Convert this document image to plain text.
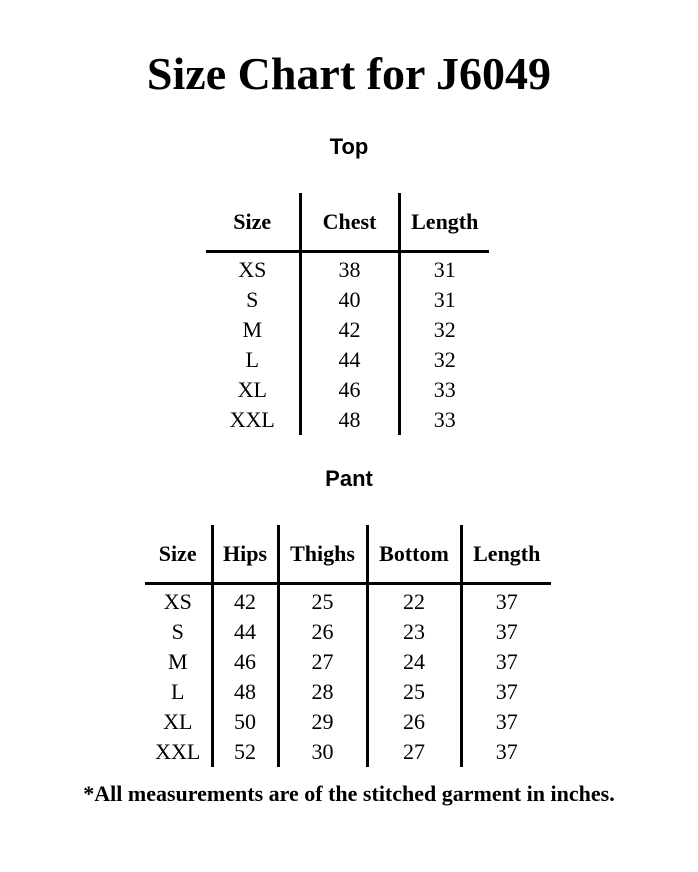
Size Chart for J6049
Top
Size	Chest	Length
XS	38	31
S	40	31
M	42	32
L	44	32
XL	46	33
XXL	48	33
Pant
Size	Hips	Thighs	Bottom	Length
XS	42	25	22	37
S	44	26	23	37
M	46	27	24	37
L	48	28	25	37
XL	50	29	26	37
XXL	52	30	27	37
*All measurements are of the stitched garment in inches.
